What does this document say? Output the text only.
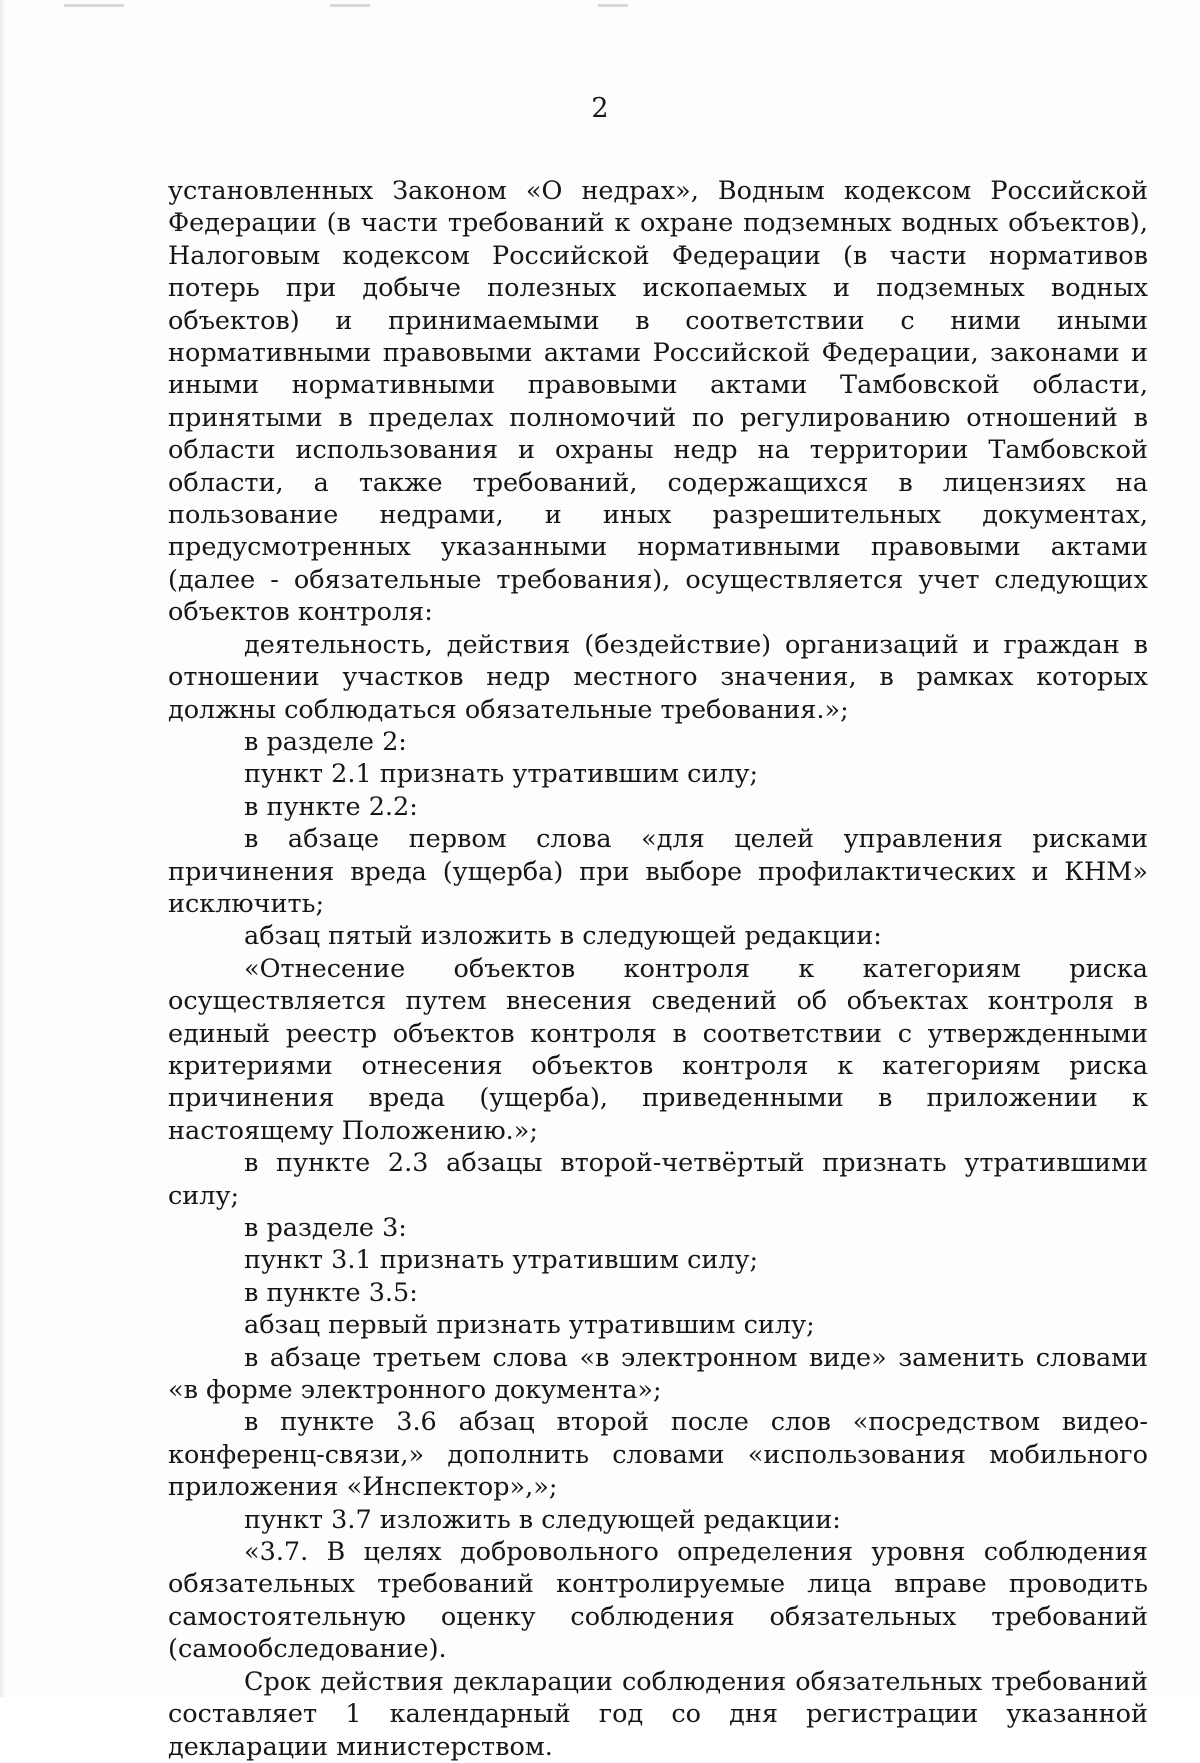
2

установленных Законом «О недрах», Водным кодексом Российской Федерации (в части требований к охране подземных водных объектов), Налоговым кодексом Российской Федерации (в части нормативов потерь при добыче полезных ископаемых и подземных водных объектов) и принимаемыми в соответствии с ними иными нормативными правовыми актами Российской Федерации, законами и иными нормативными правовыми актами Тамбовской области, принятыми в пределах полномочий по регулированию отношений в области использования и охраны недр на территории Тамбовской области, а также требований, содержащихся в лицензиях на пользование недрами, и иных разрешительных документах, предусмотренных указанными нормативными правовыми актами (далее - обязательные требования), осуществляется учет следующих объектов контроля:

деятельность, действия (бездействие) организаций и граждан в отношении участков недр местного значения, в рамках которых должны соблюдаться обязательные требования.»;

в разделе 2:

пункт 2.1 признать утратившим силу;

в пункте 2.2:

в абзаце первом слова «для целей управления рисками причинения вреда (ущерба) при выборе профилактических и КНМ» исключить;

абзац пятый изложить в следующей редакции:

«Отнесение объектов контроля к категориям риска осуществляется путем внесения сведений об объектах контроля в единый реестр объектов контроля в соответствии с утвержденными критериями отнесения объектов контроля к категориям риска причинения вреда (ущерба), приведенными в приложении к настоящему Положению.»;

в пункте 2.3 абзацы второй-четвёртый признать утратившими силу;

в разделе 3:

пункт 3.1 признать утратившим силу;

в пункте 3.5:

абзац первый признать утратившим силу;

в абзаце третьем слова «в электронном виде» заменить словами «в форме электронного документа»;

в пункте 3.6 абзац второй после слов «посредством видео-конференц-связи,» дополнить словами «использования мобильного приложения «Инспектор»,»;

пункт 3.7 изложить в следующей редакции:

«3.7. В целях добровольного определения уровня соблюдения обязательных требований контролируемые лица вправе проводить самостоятельную оценку соблюдения обязательных требований (самообследование).

Срок действия декларации соблюдения обязательных требований составляет 1 календарный год со дня регистрации указанной декларации министерством.
